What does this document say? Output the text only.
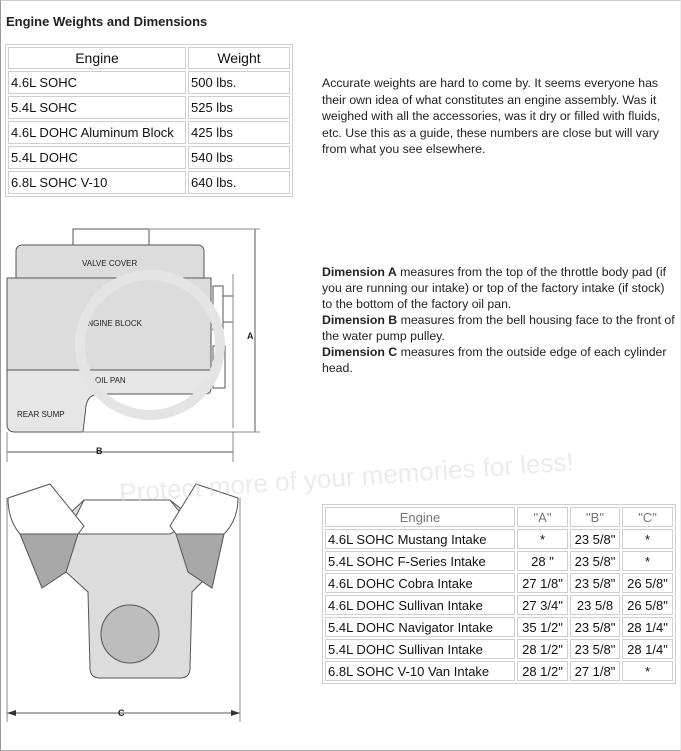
Engine Weights and Dimensions
Engine	Weight
4.6L SOHC	500 lbs.
5.4L SOHC	525 lbs
4.6L DOHC Aluminum Block	425 lbs
5.4L DOHC	540 lbs
6.8L SOHC V-10	640 lbs.
Accurate weights are hard to come by. It seems everyone has their own idea of what constitutes an engine assembly. Was it weighed with all the accessories, was it dry or filled with fluids, etc. Use this as a guide, these numbers are close but will vary from what you see elsewhere.
VALVE COVER
ENGINE BLOCK
OIL PAN
REAR SUMP
A
B
C
Protect more of your memories for less!
Dimension A measures from the top of the throttle body pad (if you are running our intake) or top of the factory intake (if stock) to the bottom of the factory oil pan.
Dimension B measures from the bell housing face to the front of the water pump pulley.
Dimension C measures from the outside edge of each cylinder head.
Engine	"A"	"B"	"C"
4.6L SOHC Mustang Intake	*	23 5/8"	*
5.4L SOHC F-Series Intake	28 "	23 5/8"	*
4.6L DOHC Cobra Intake	27 1/8"	23 5/8"	26 5/8"
4.6L DOHC Sullivan Intake	27 3/4"	23 5/8	26 5/8"
5.4L DOHC Navigator Intake	35 1/2"	23 5/8"	28 1/4"
5.4L DOHC Sullivan Intake	28 1/2"	23 5/8"	28 1/4"
6.8L SOHC V-10 Van Intake	28 1/2"	27 1/8"	*
